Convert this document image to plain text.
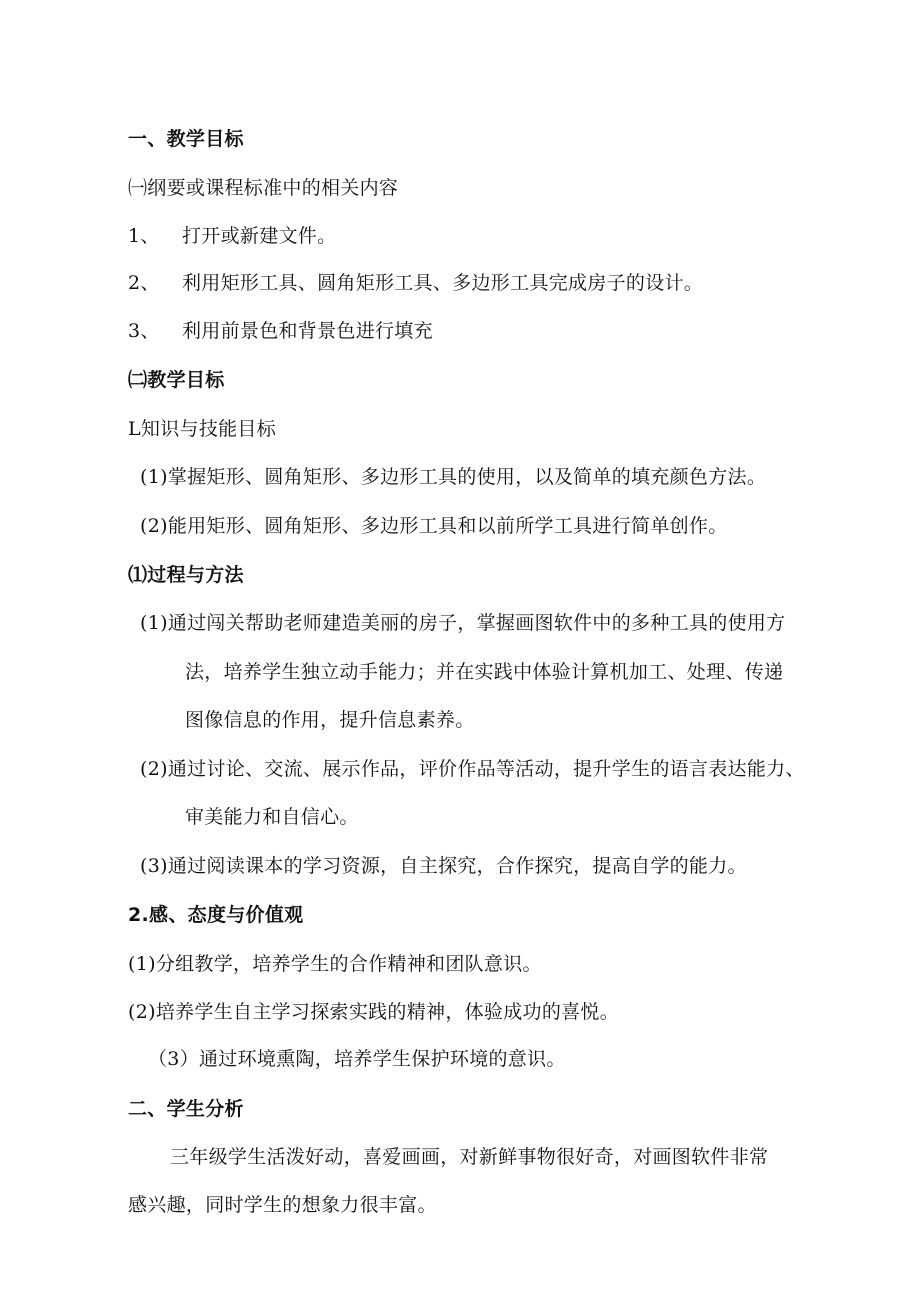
一、教学目标
㈠纲要或课程标准中的相关内容
1、 打开或新建文件。
2、 利用矩形工具、圆角矩形工具、多边形工具完成房子的设计。
3、 利用前景色和背景色进行填充
㈡教学目标
L知识与技能目标
(1)掌握矩形、圆角矩形、多边形工具的使用，以及简单的填充颜色方法。
(2)能用矩形、圆角矩形、多边形工具和以前所学工具进行简单创作。
⑴过程与方法
(1)通过闯关帮助老师建造美丽的房子，掌握画图软件中的多种工具的使用方
法，培养学生独立动手能力；并在实践中体验计算机加工、处理、传递
图像信息的作用，提升信息素养。
(2)通过讨论、交流、展示作品，评价作品等活动，提升学生的语言表达能力、
审美能力和自信心。
(3)通过阅读课本的学习资源，自主探究，合作探究，提高自学的能力。
2.感、态度与价值观
(1)分组教学，培养学生的合作精神和团队意识。
(2)培养学生自主学习探索实践的精神，体验成功的喜悦。
（3）通过环境熏陶，培养学生保护环境的意识。
二、学生分析
三年级学生活泼好动，喜爱画画，对新鲜事物很好奇，对画图软件非常
感兴趣，同时学生的想象力很丰富。
